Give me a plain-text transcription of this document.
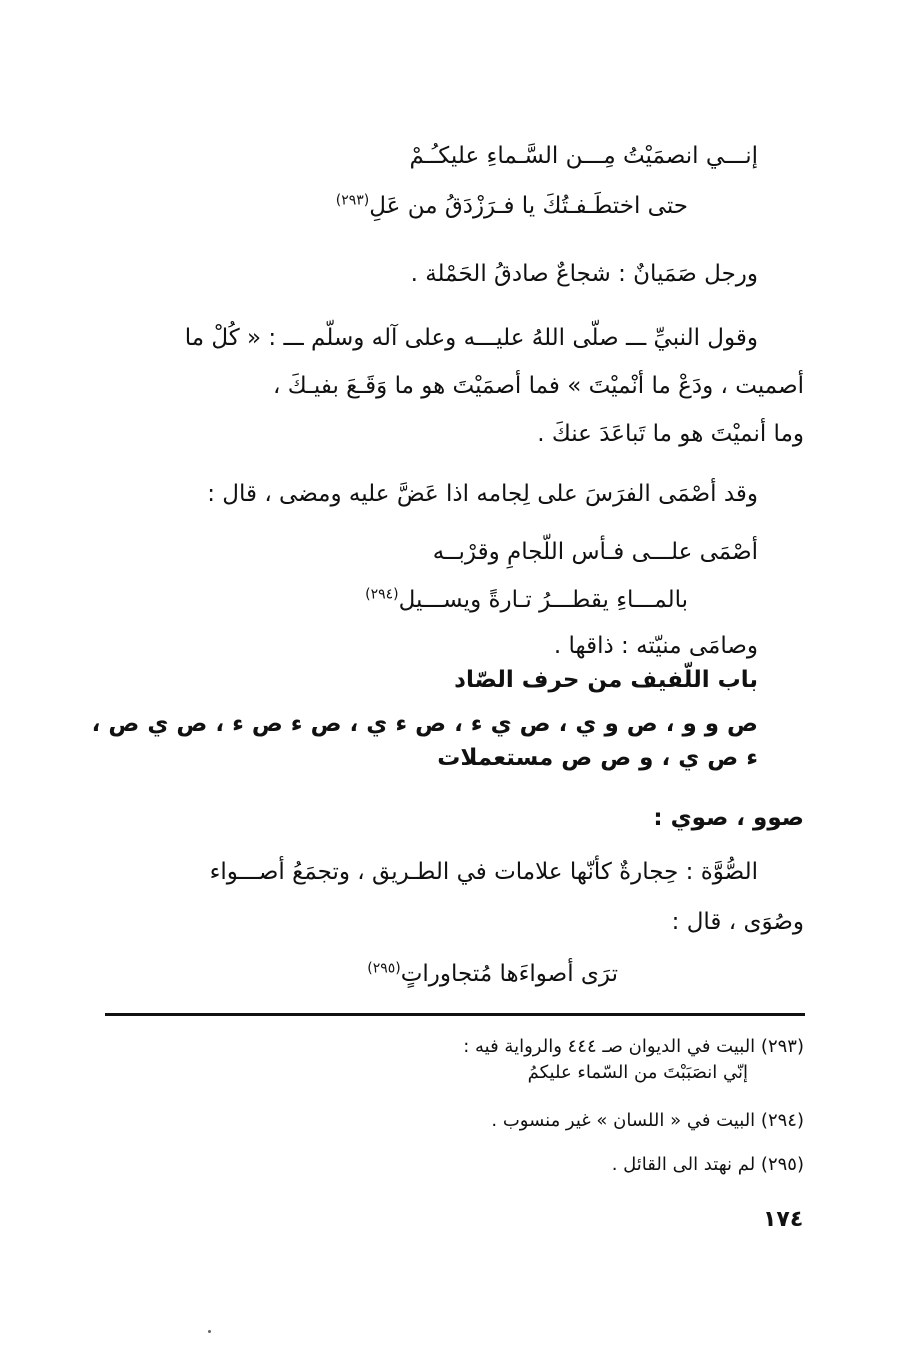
إنـــي انصمَيْتُ مِـــن السَّـماءِ عليكـُـمْ
حتى اختطَـفـتُكَ يا فـرَزْدَقُ من عَلِ$^{(٢٩٣)}$
ورجل صَمَيانٌ : شجاعٌ صادقُ الحَمْلة .
وقول النبيِّ ـــ صلّى اللهُ عليـــه وعلى آله وسلّم ـــ : « كُلْ ما
أصميت ، ودَعْ ما أنْميْتَ » فما أصمَيْتَ هو ما وَقَـعَ بفيـكَ ،
وما أنميْتَ هو ما تَباعَدَ عنكَ .
وقد أصْمَى الفرَسَ على لِجامه اذا عَضَّ عليه ومضى ، قال :
أصْمَى علـــى فـأس اللّجامِ وقرْبــه
بالمـــاءِ يقطـــرُ تـارةً ويســـيل$^{(٢٩٤)}$
وصامَى منيّته : ذاقها .
باب اللّفيف من حرف الصّاد
ص و و ، ص و ي ، ص ي ء ، ص ء ي ، ص ء ص ء ، ص ي ص ،
ء ص ي ، و ص ص مستعملات
صوو ، صوي :
الصُّوَّة : حِجارةٌ كأنّها علامات في الطـريق ، وتجمَعُ أصـــواء
وصُوَى ، قال :
ترَى أصواءَها مُتجاوراتٍ$^{(٢٩٥)}$
(٢٩٣) البيت في الديوان صـ ٤٤٤ والرواية فيه :
إنّي انصَبَبْتَ من السّماء عليكمُ
(٢٩٤) البيت في « اللسان » غير منسوب .
(٢٩٥) لم نهتد الى القائل .
١٧٤
